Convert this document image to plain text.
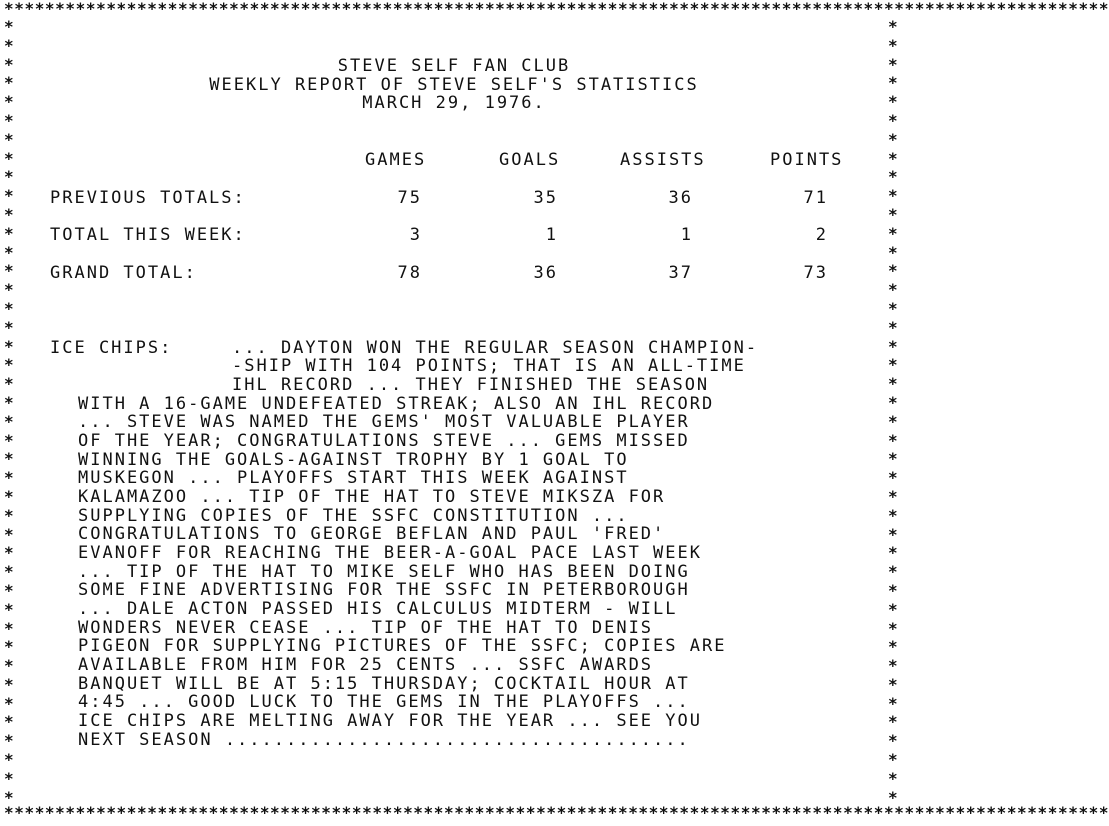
************************************************************************************************************
************************************************************************************************************
*
*
*
*
*
*
*
*
*
*
*
*
*
*
*
*
*
*
*
*
*
*
*
*
*
*
*
*
*
*
*
*
*
*
*
*
*
*
*
*
*
*
*
*
*
*
*
*
*
*
*
*
*
*
*
*
*
*
*
*
*
*
*
*
*
*
*
*
*
*
*
*
*
*
*
*
*
*
*
*
*
*
*
*
STEVE SELF FAN CLUB
WEEKLY REPORT OF STEVE SELF'S STATISTICS
MARCH 29, 1976.
GAMES	GOALS	ASSISTS	POINTS
PREVIOUS TOTALS:	75	35	36	71
TOTAL THIS WEEK:	3	1	1	2
GRAND TOTAL:	78	36	37	73
ICE CHIPS:	... DAYTON WON THE REGULAR SEASON CHAMPION-
-SHIP WITH 104 POINTS; THAT IS AN ALL-TIME
IHL RECORD ... THEY FINISHED THE SEASON
WITH A 16-GAME UNDEFEATED STREAK; ALSO AN IHL RECORD
... STEVE WAS NAMED THE GEMS' MOST VALUABLE PLAYER
OF THE YEAR; CONGRATULATIONS STEVE ... GEMS MISSED
WINNING THE GOALS-AGAINST TROPHY BY 1 GOAL TO
MUSKEGON ... PLAYOFFS START THIS WEEK AGAINST
KALAMAZOO ... TIP OF THE HAT TO STEVE MIKSZA FOR
SUPPLYING COPIES OF THE SSFC CONSTITUTION ...
CONGRATULATIONS TO GEORGE BEFLAN AND PAUL 'FRED'
EVANOFF FOR REACHING THE BEER-A-GOAL PACE LAST WEEK
... TIP OF THE HAT TO MIKE SELF WHO HAS BEEN DOING
SOME FINE ADVERTISING FOR THE SSFC IN PETERBOROUGH
... DALE ACTON PASSED HIS CALCULUS MIDTERM - WILL
WONDERS NEVER CEASE ... TIP OF THE HAT TO DENIS
PIGEON FOR SUPPLYING PICTURES OF THE SSFC; COPIES ARE
AVAILABLE FROM HIM FOR 25 CENTS ... SSFC AWARDS
BANQUET WILL BE AT 5:15 THURSDAY; COCKTAIL HOUR AT
4:45 ... GOOD LUCK TO THE GEMS IN THE PLAYOFFS ...
ICE CHIPS ARE MELTING AWAY FOR THE YEAR ... SEE YOU
NEXT SEASON ......................................
